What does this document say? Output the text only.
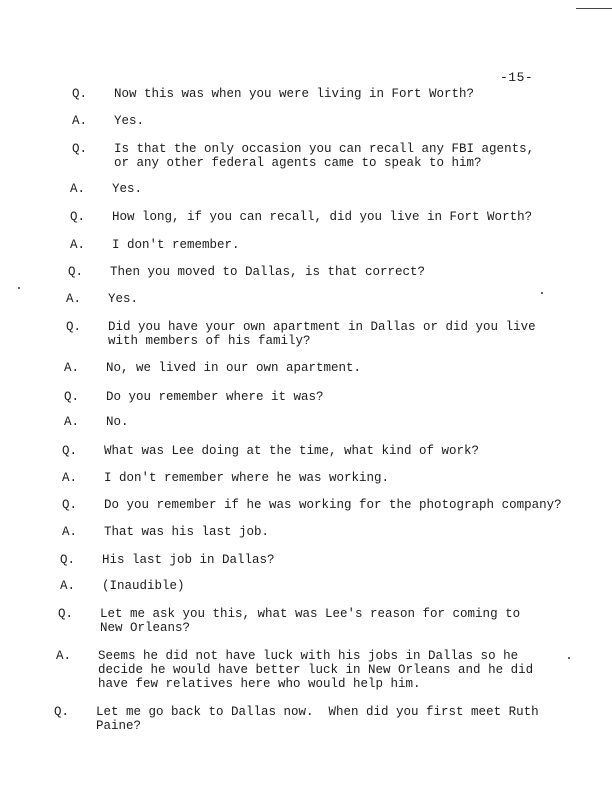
-15-
Q. Now this was when you were living in Fort Worth?
A. Yes.
Q. Is that the only occasion you can recall any FBI agents,
or any other federal agents came to speak to him?
A. Yes.
Q. How long, if you can recall, did you live in Fort Worth?
A. I don't remember.
Q. Then you moved to Dallas, is that correct?
A. Yes.
Q. Did you have your own apartment in Dallas or did you live
with members of his family?
A. No, we lived in our own apartment.
Q. Do you remember where it was?
A. No.
Q. What was Lee doing at the time, what kind of work?
A. I don't remember where he was working.
Q. Do you remember if he was working for the photograph company?
A. That was his last job.
Q. His last job in Dallas?
A. (Inaudible)
Q. Let me ask you this, what was Lee's reason for coming to
New Orleans?
A. Seems he did not have luck with his jobs in Dallas so he
decide he would have better luck in New Orleans and he did
have few relatives here who would help him.
Q. Let me go back to Dallas now.  When did you first meet Ruth
Paine?
